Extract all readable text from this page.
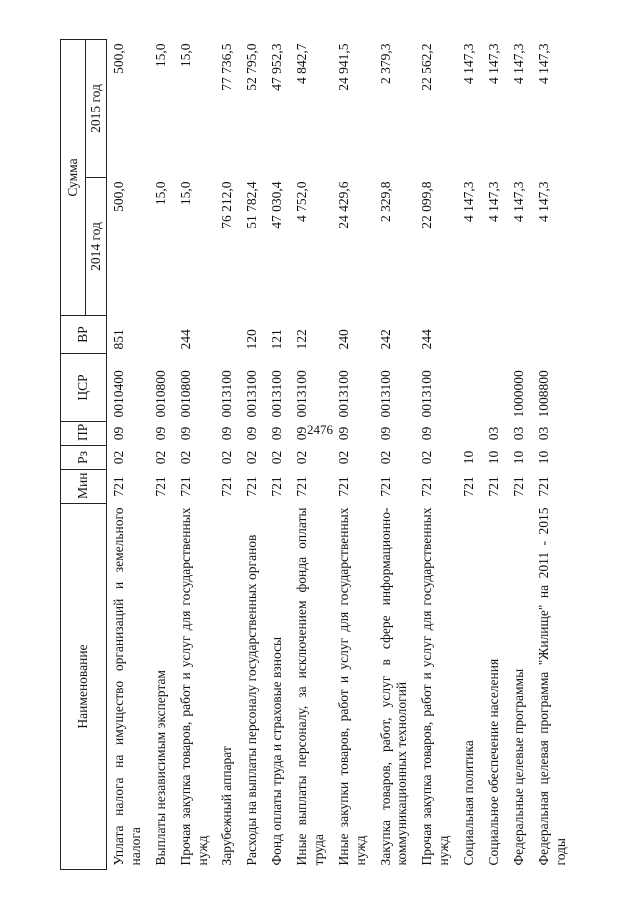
2476
Наименование	Мин	Рз	ПР	ЦСР	ВР	Сумма	
						2014 год	2015 год
Уплата налога на имущество организаций и земельного налога	721	02	09	0010400	851	500,0	500,0
Выплаты независимым экспертам	721	02	09	0010800		15,0	15,0
Прочая закупка товаров, работ и услуг для государственных нужд	721	02	09	0010800	244	15,0	15,0
Зарубежный аппарат	721	02	09	0013100		76 212,0	77 736,5
Расходы на выплаты персоналу государственных органов	721	02	09	0013100	120	51 782,4	52 795,0
Фонд оплаты труда и страховые взносы	721	02	09	0013100	121	47 030,4	47 952,3
Иные выплаты персоналу, за исключением фонда оплаты труда	721	02	09	0013100	122	4 752,0	4 842,7
Иные закупки товаров, работ и услуг для государственных нужд	721	02	09	0013100	240	24 429,6	24 941,5
Закупка товаров, работ, услуг в сфере информационно-коммуникационных технологий	721	02	09	0013100	242	2 329,8	2 379,3
Прочая закупка товаров, работ и услуг для государственных нужд	721	02	09	0013100	244	22 099,8	22 562,2
Социальная политика	721	10				4 147,3	4 147,3
Социальное обеспечение населения	721	10	03			4 147,3	4 147,3
Федеральные целевые программы	721	10	03	1000000		4 147,3	4 147,3
Федеральная целевая программа "Жилище" на 2011 - 2015 годы	721	10	03	1008800		4 147,3	4 147,3
